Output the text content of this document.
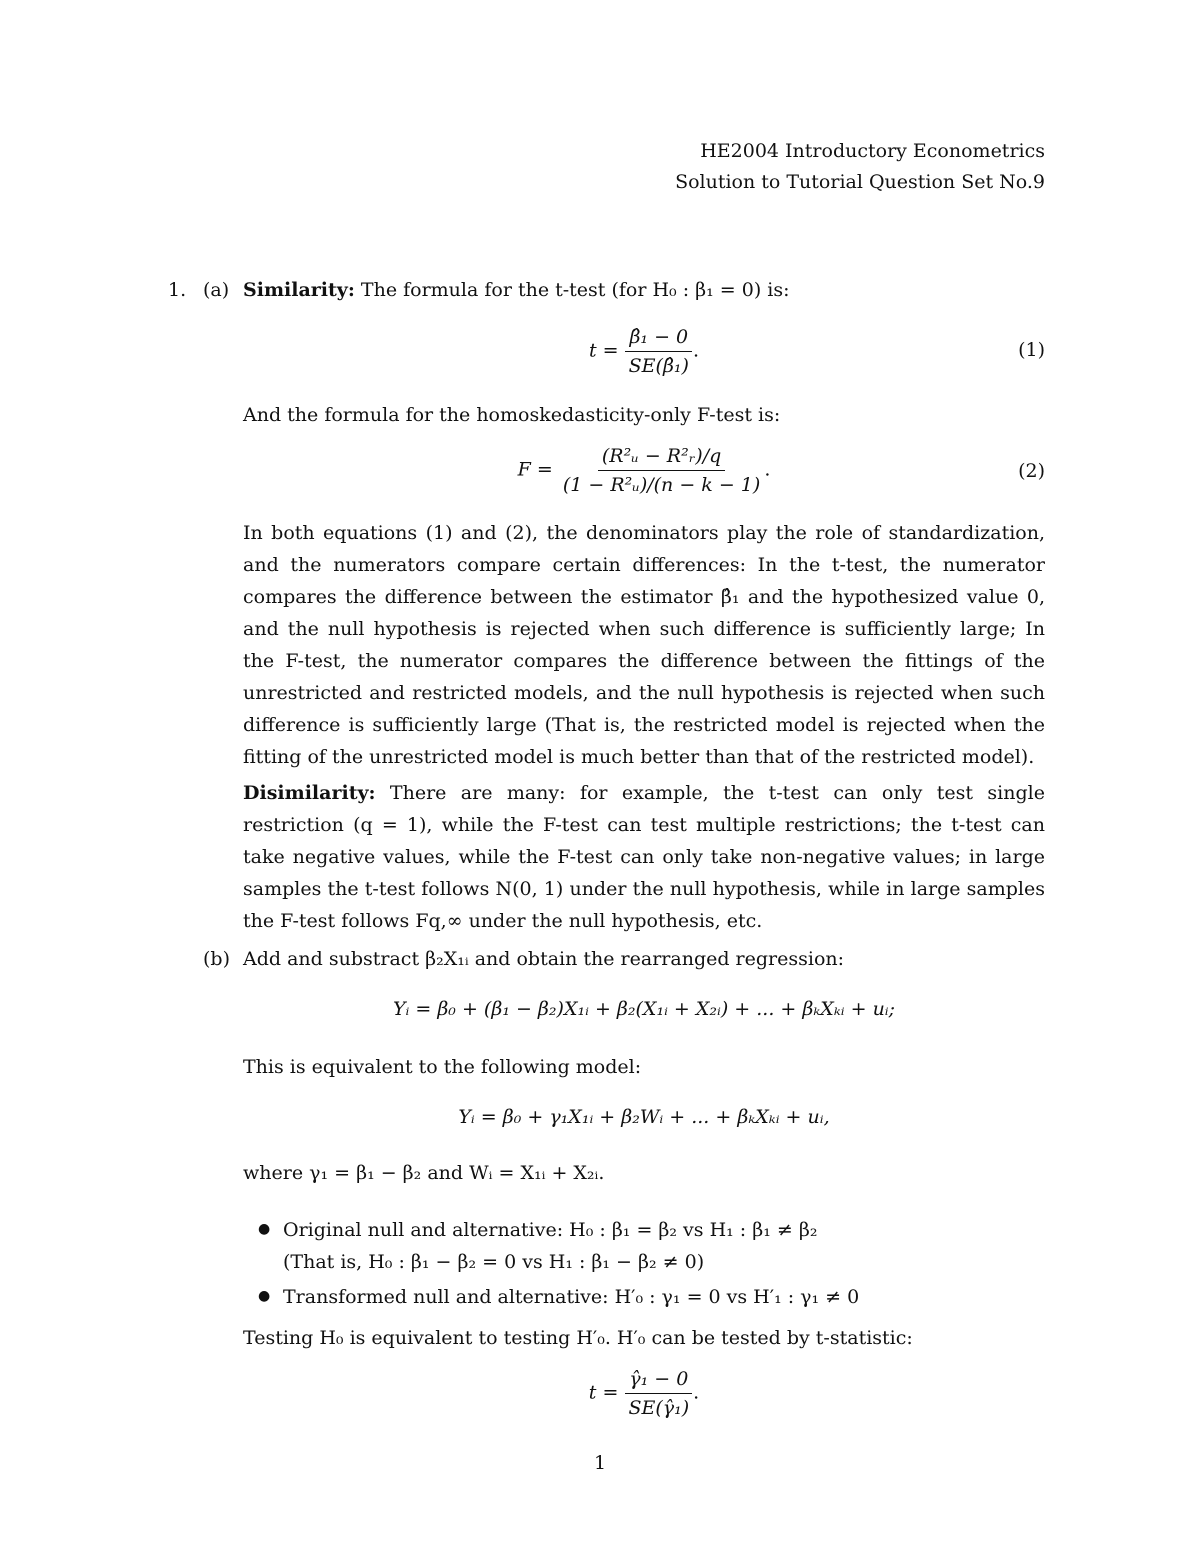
HE2004 Introductory Econometrics
Solution to Tutorial Question Set No.9
1. (a) Similarity: The formula for the t-test (for H₀ : β₁ = 0) is:
$t = \frac{\text{β̂₁ − 0}}{\text{SE(β̂₁)}}$ .	(1)
And the formula for the homoskedasticity-only F-test is:
$F = \frac{\text{(R²ᵤ − R²ᵣ)/q}}{\text{(1 − R²ᵤ)/(n − k − 1)}}$ .	(2)
In both equations (1) and (2), the denominators play the role of standardization, and the numerators compare certain differences: In the t-test, the numerator compares the difference between the estimator β̂₁ and the hypothesized value 0, and the null hypothesis is rejected when such difference is sufficiently large; In the F-test, the numerator compares the difference between the fittings of the unrestricted and restricted models, and the null hypothesis is rejected when such difference is sufficiently large (That is, the restricted model is rejected when the fitting of the unrestricted model is much better than that of the restricted model).
Disimilarity: There are many: for example, the t-test can only test single restriction (q = 1), while the F-test can test multiple restrictions; the t-test can take negative values, while the F-test can only take non-negative values; in large samples the t-test follows N(0, 1) under the null hypothesis, while in large samples the F-test follows Fq,∞ under the null hypothesis, etc.
(b) Add and substract β₂X₁ᵢ and obtain the rearranged regression:
Yᵢ = β₀ + (β₁ − β₂)X₁ᵢ + β₂(X₁ᵢ + X₂ᵢ) + ... + βₖXₖᵢ + uᵢ;
This is equivalent to the following model:
Yᵢ = β₀ + γ₁X₁ᵢ + β₂Wᵢ + ... + βₖXₖᵢ + uᵢ,
where γ₁ = β₁ − β₂ and Wᵢ = X₁ᵢ + X₂ᵢ.
● Original null and alternative: H₀ : β₁ = β₂ vs H₁ : β₁ ≠ β₂
(That is, H₀ : β₁ − β₂ = 0 vs H₁ : β₁ − β₂ ≠ 0)
● Transformed null and alternative: H′₀ : γ₁ = 0 vs H′₁ : γ₁ ≠ 0
Testing H₀ is equivalent to testing H′₀. H′₀ can be tested by t-statistic:
$t = \frac{\text{γ̂₁ − 0}}{\text{SE(γ̂₁)}}$ .
1
